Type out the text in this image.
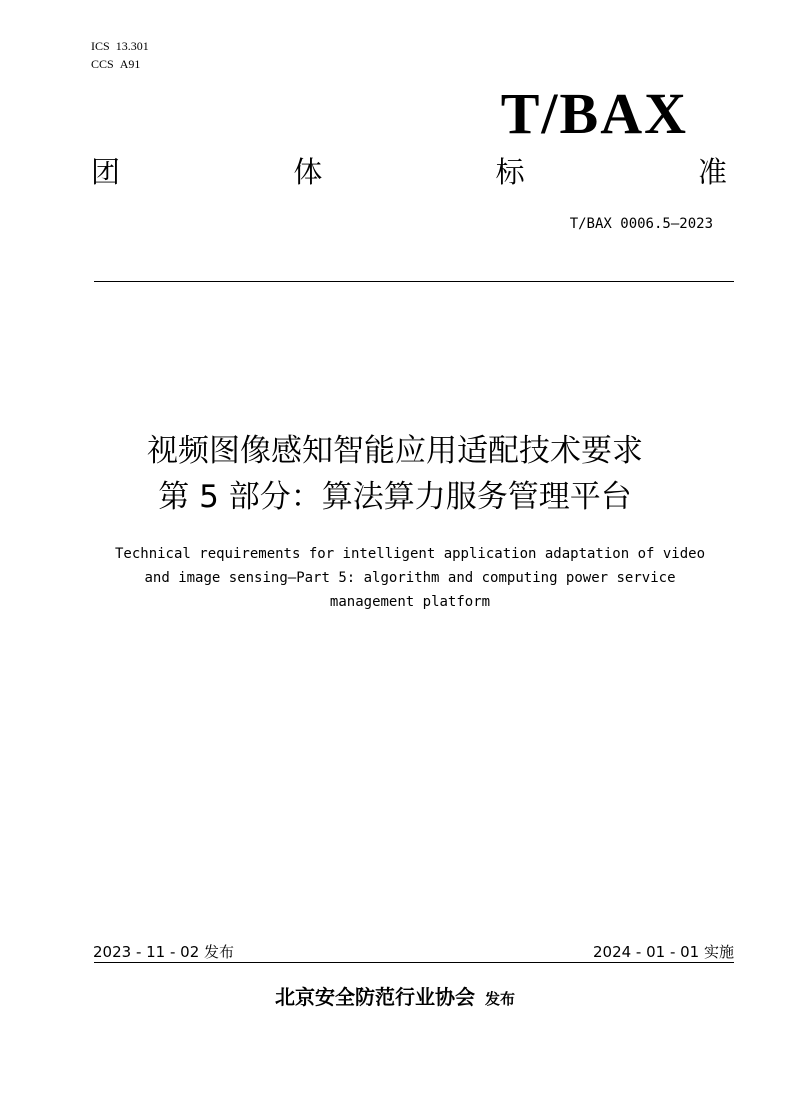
ICS 13.301
CCS A91
T/BAX
团	体	标	准
T/BAX 0006.5—2023
视频图像感知智能应用适配技术要求
第 5 部分：算法算力服务管理平台
Technical requirements for intelligent application adaptation of video
and image sensing—Part 5: algorithm and computing power service
management platform
2023 - 11 - 02 发布	2024 - 01 - 01 实施
北京安全防范行业协会 发布
